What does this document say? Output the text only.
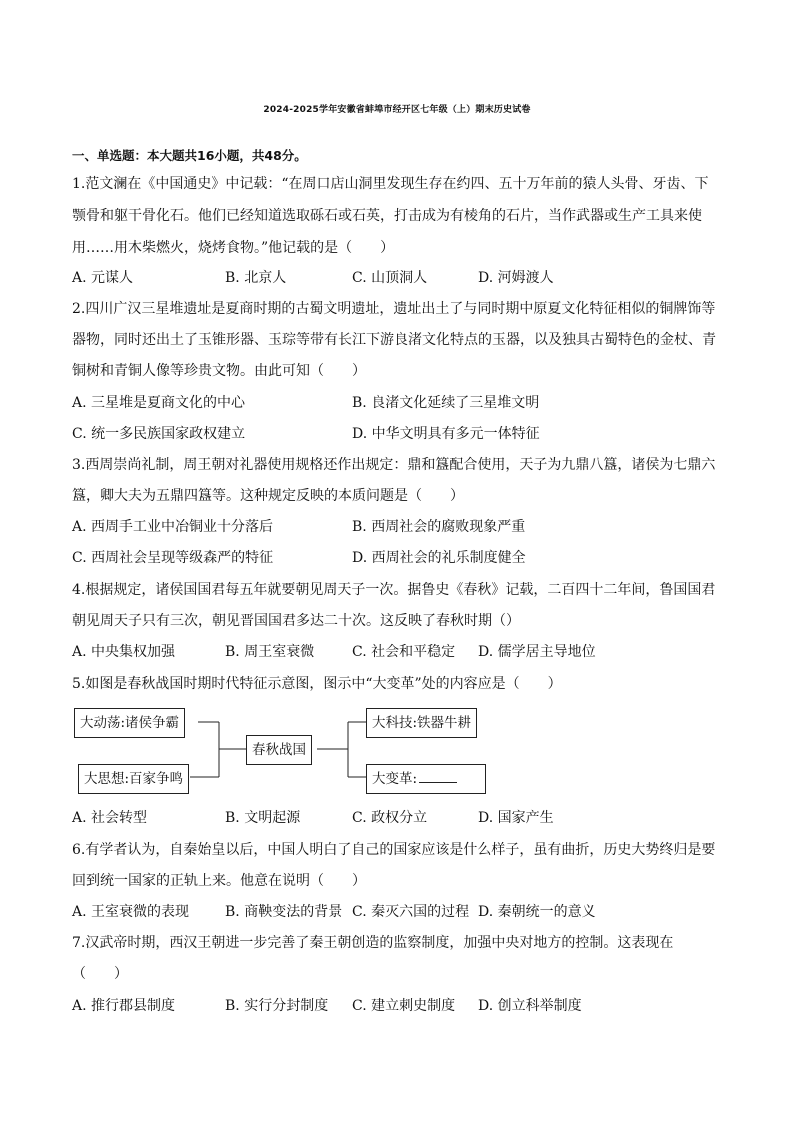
2024-2025学年安徽省蚌埠市经开区七年级（上）期末历史试卷
一、单选题：本大题共16小题，共48分。
1.范文澜在《中国通史》中记载：“在周口店山洞里发现生存在约四、五十万年前的猿人头骨、牙齿、下
颚骨和躯干骨化石。他们已经知道选取砾石或石英，打击成为有棱角的石片，当作武器或生产工具来使
用……用木柴燃火，烧烤食物。”他记载的是（　　）
A. 元谋人	B. 北京人	C. 山顶洞人	D. 河姆渡人
2.四川广汉三星堆遗址是夏商时期的古蜀文明遗址，遗址出土了与同时期中原夏文化特征相似的铜牌饰等
器物，同时还出土了玉锥形器、玉琮等带有长江下游良渚文化特点的玉器，以及独具古蜀特色的金杖、青
铜树和青铜人像等珍贵文物。由此可知（　　）
A. 三星堆是夏商文化的中心	B. 良渚文化延续了三星堆文明
C. 统一多民族国家政权建立	D. 中华文明具有多元一体特征
3.西周崇尚礼制，周王朝对礼器使用规格还作出规定：鼎和簋配合使用，天子为九鼎八簋，诸侯为七鼎六
簋，卿大夫为五鼎四簋等。这种规定反映的本质问题是（　　）
A. 西周手工业中冶铜业十分落后	B. 西周社会的腐败现象严重
C. 西周社会呈现等级森严的特征	D. 西周社会的礼乐制度健全
4.根据规定，诸侯国国君每五年就要朝见周天子一次。据鲁史《春秋》记载，二百四十二年间，鲁国国君
朝见周天子只有三次，朝见晋国国君多达二十次。这反映了春秋时期（）
A. 中央集权加强	B. 周王室衰微	C. 社会和平稳定 D. 儒学居主导地位
5.如图是春秋战国时期时代特征示意图，图示中“大变革”处的内容应是（　　）
大动荡:诸侯争霸
大思想:百家争鸣
春秋战国
大科技:铁器牛耕
大变革:
A. 社会转型	B. 文明起源	C. 政权分立	D. 国家产生
6.有学者认为，自秦始皇以后，中国人明白了自己的国家应该是什么样子，虽有曲折，历史大势终归是要
回到统一国家的正轨上来。他意在说明（　　）
A. 王室衰微的表现	B. 商鞅变法的背景 C. 秦灭六国的过程 D. 秦朝统一的意义
7.汉武帝时期，西汉王朝进一步完善了秦王朝创造的监察制度，加强中央对地方的控制。这表现在
（　　）
A. 推行郡县制度	B. 实行分封制度 C. 建立刺史制度 D. 创立科举制度
